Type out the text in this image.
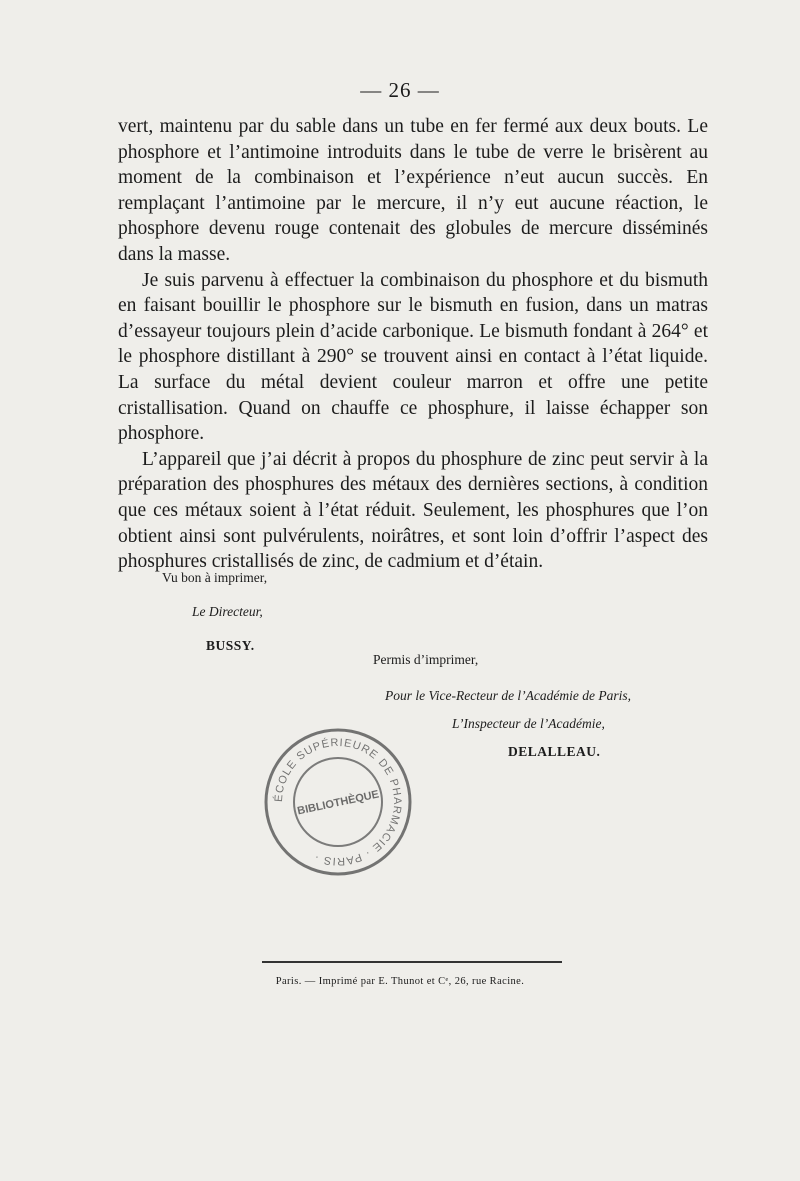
— 26 —

vert, maintenu par du sable dans un tube en fer fermé aux deux bouts. Le phosphore et l’antimoine introduits dans le tube de verre le brisèrent au moment de la combinaison et l’expérience n’eut aucun succès. En remplaçant l’antimoine par le mercure, il n’y eut aucune réaction, le phosphore devenu rouge contenait des globules de mercure disséminés dans la masse.

Je suis parvenu à effectuer la combinaison du phosphore et du bismuth en faisant bouillir le phosphore sur le bismuth en fusion, dans un matras d’essayeur toujours plein d’acide carbonique. Le bismuth fondant à 264° et le phosphore distillant à 290° se trouvent ainsi en contact à l’état liquide. La surface du métal devient couleur marron et offre une petite cristallisation. Quand on chauffe ce phosphure, il laisse échapper son phosphore.

L’appareil que j’ai décrit à propos du phosphure de zinc peut servir à la préparation des phosphures des métaux des dernières sections, à condition que ces métaux soient à l’état réduit. Seulement, les phosphures que l’on obtient ainsi sont pulvérulents, noirâtres, et sont loin d’offrir l’aspect des phosphures cristallisés de zinc, de cadmium et d’étain.

Vu bon à imprimer,
Le Directeur,
BUSSY.
Permis d’imprimer,
Pour le Vice-Recteur de l’Académie de Paris,
L’Inspecteur de l’Académie,
DELALLEAU.
ÉCOLE SUPÉRIEURE DE PHARMACIE · PARIS ·
BIBLIOTHÈQUE
Paris. — Imprimé par E. Thunot et Cᵉ, 26, rue Racine.
